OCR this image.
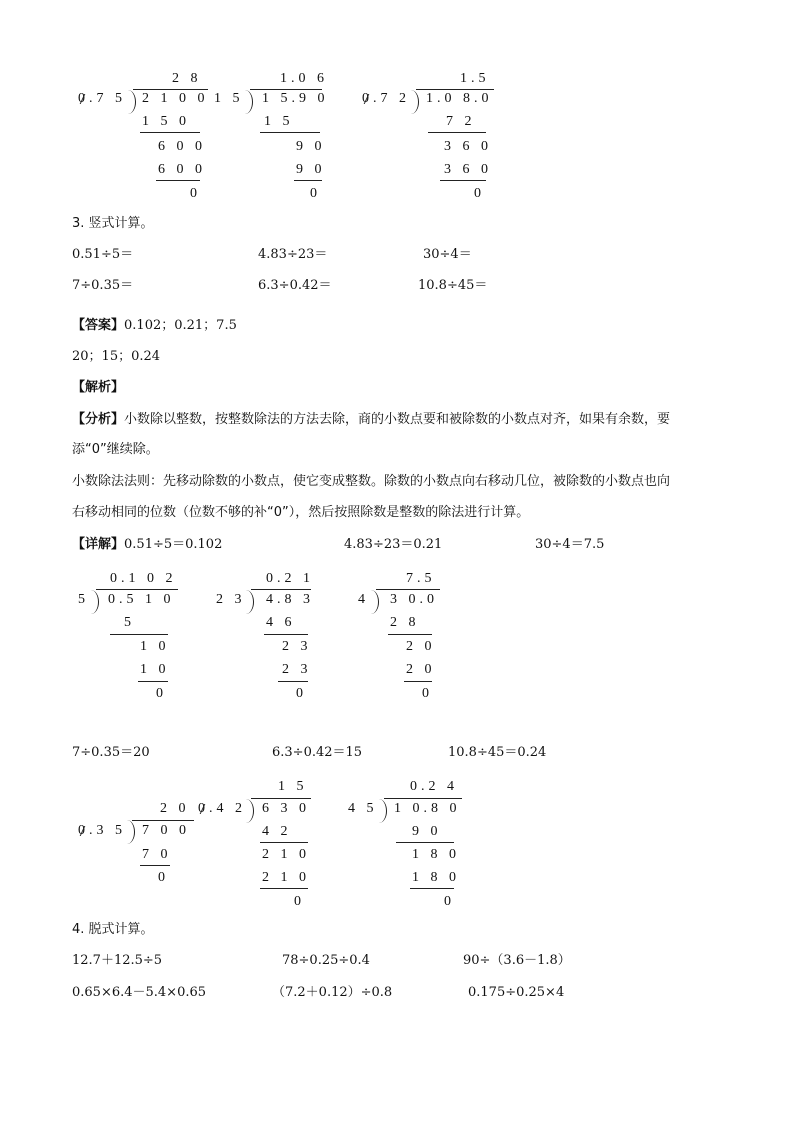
0.7 5
2 8
2 1 0 0
1 5 0
6 0 0
6 0 0
0
1 5
1.0 6
1 5.9 0
1 5
9 0
9 0
0
0.7 2
1.5
1.0 8.0
7 2
3 6 0
3 6 0
0
3. 竖式计算。
0.51÷5＝	4.83÷23＝	30÷4＝
7÷0.35＝	6.3÷0.42＝	10.8÷45＝
【答案】0.102；0.21；7.5
20；15；0.24
【解析】
【分析】小数除以整数，按整数除法的方法去除，商的小数点要和被除数的小数点对齐，如果有余数，要
添“0”继续除。
小数除法法则：先移动除数的小数点，使它变成整数。除数的小数点向右移动几位，被除数的小数点也向
右移动相同的位数（位数不够的补“0”），然后按照除数是整数的除法进行计算。
【详解】0.51÷5＝0.102	4.83÷23＝0.21	30÷4＝7.5
5
0.1 0 2
0.5 1 0
5
1 0
1 0
0
2 3
0.2 1
4.8 3
4 6
2 3
2 3
0
4
7.5
3 0.0
2 8
2 0
2 0
0
7÷0.35＝20	6.3÷0.42＝15	10.8÷45＝0.24
0.3 5
2 0
7 0 0
7 0
0
0.4 2
1 5
6 3 0
4 2
2 1 0
2 1 0
0
4 5
0.2 4
1 0.8 0
9 0
1 8 0
1 8 0
0
4. 脱式计算。
12.7＋12.5÷5	78÷0.25÷0.4	90÷（3.6－1.8）
0.65×6.4－5.4×0.65	（7.2＋0.12）÷0.8	0.175÷0.25×4
